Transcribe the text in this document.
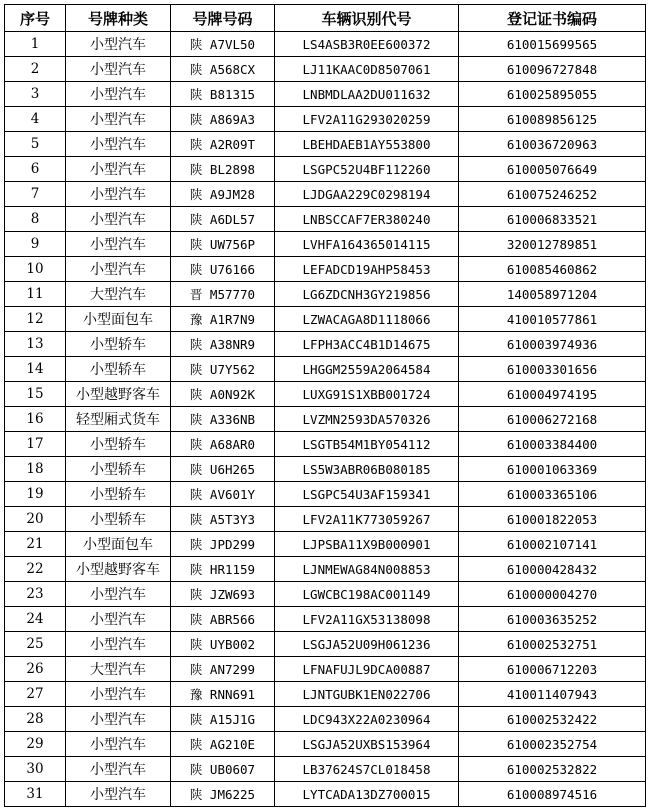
序号	号牌种类	号牌号码	车辆识别代号	登记证书编码
1	小型汽车	陕 A7VL50	LS4ASB3R0EE600372	610015699565
2	小型汽车	陕 A568CX	LJ11KAAC0D8507061	610096727848
3	小型汽车	陕 B81315	LNBMDLAA2DU011632	610025895055
4	小型汽车	陕 A869A3	LFV2A11G293020259	610089856125
5	小型汽车	陕 A2R09T	LBEHDAEB1AY553800	610036720963
6	小型汽车	陕 BL2898	LSGPC52U4BF112260	610005076649
7	小型汽车	陕 A9JM28	LJDGAA229C0298194	610075246252
8	小型汽车	陕 A6DL57	LNBSCCAF7ER380240	610006833521
9	小型汽车	陕 UW756P	LVHFA164365014115	320012789851
10	小型汽车	陕 U76166	LEFADCD19AHP58453	610085460862
11	大型汽车	晋 M57770	LG6ZDCNH3GY219856	140058971204
12	小型面包车	豫 A1R7N9	LZWACAGA8D1118066	410010577861
13	小型轿车	陕 A38NR9	LFPH3ACC4B1D14675	610003974936
14	小型轿车	陕 U7Y562	LHGGM2559A2064584	610003301656
15	小型越野客车	陕 A0N92K	LUXG91S1XBB001724	610004974195
16	轻型厢式货车	陕 A336NB	LVZMN2593DA570326	610006272168
17	小型轿车	陕 A68AR0	LSGTB54M1BY054112	610003384400
18	小型轿车	陕 U6H265	LS5W3ABR06B080185	610001063369
19	小型轿车	陕 AV601Y	LSGPC54U3AF159341	610003365106
20	小型轿车	陕 A5T3Y3	LFV2A11K773059267	610001822053
21	小型面包车	陕 JPD299	LJPSBA11X9B000901	610002107141
22	小型越野客车	陕 HR1159	LJNMEWAG84N008853	610000428432
23	小型汽车	陕 JZW693	LGWCBC198AC001149	610000004270
24	小型汽车	陕 ABR566	LFV2A11GX53138098	610003635252
25	小型汽车	陕 UYB002	LSGJA52U09H061236	610002532751
26	大型汽车	陕 AN7299	LFNAFUJL9DCA00887	610006712203
27	小型汽车	豫 RNN691	LJNTGUBK1EN022706	410011407943
28	小型汽车	陕 A15J1G	LDC943X22A0230964	610002532422
29	小型汽车	陕 AG210E	LSGJA52UXBS153964	610002352754
30	小型汽车	陕 UB0607	LB37624S7CL018458	610002532822
31	小型汽车	陕 JM6225	LYTCADA13DZ700015	610008974516
